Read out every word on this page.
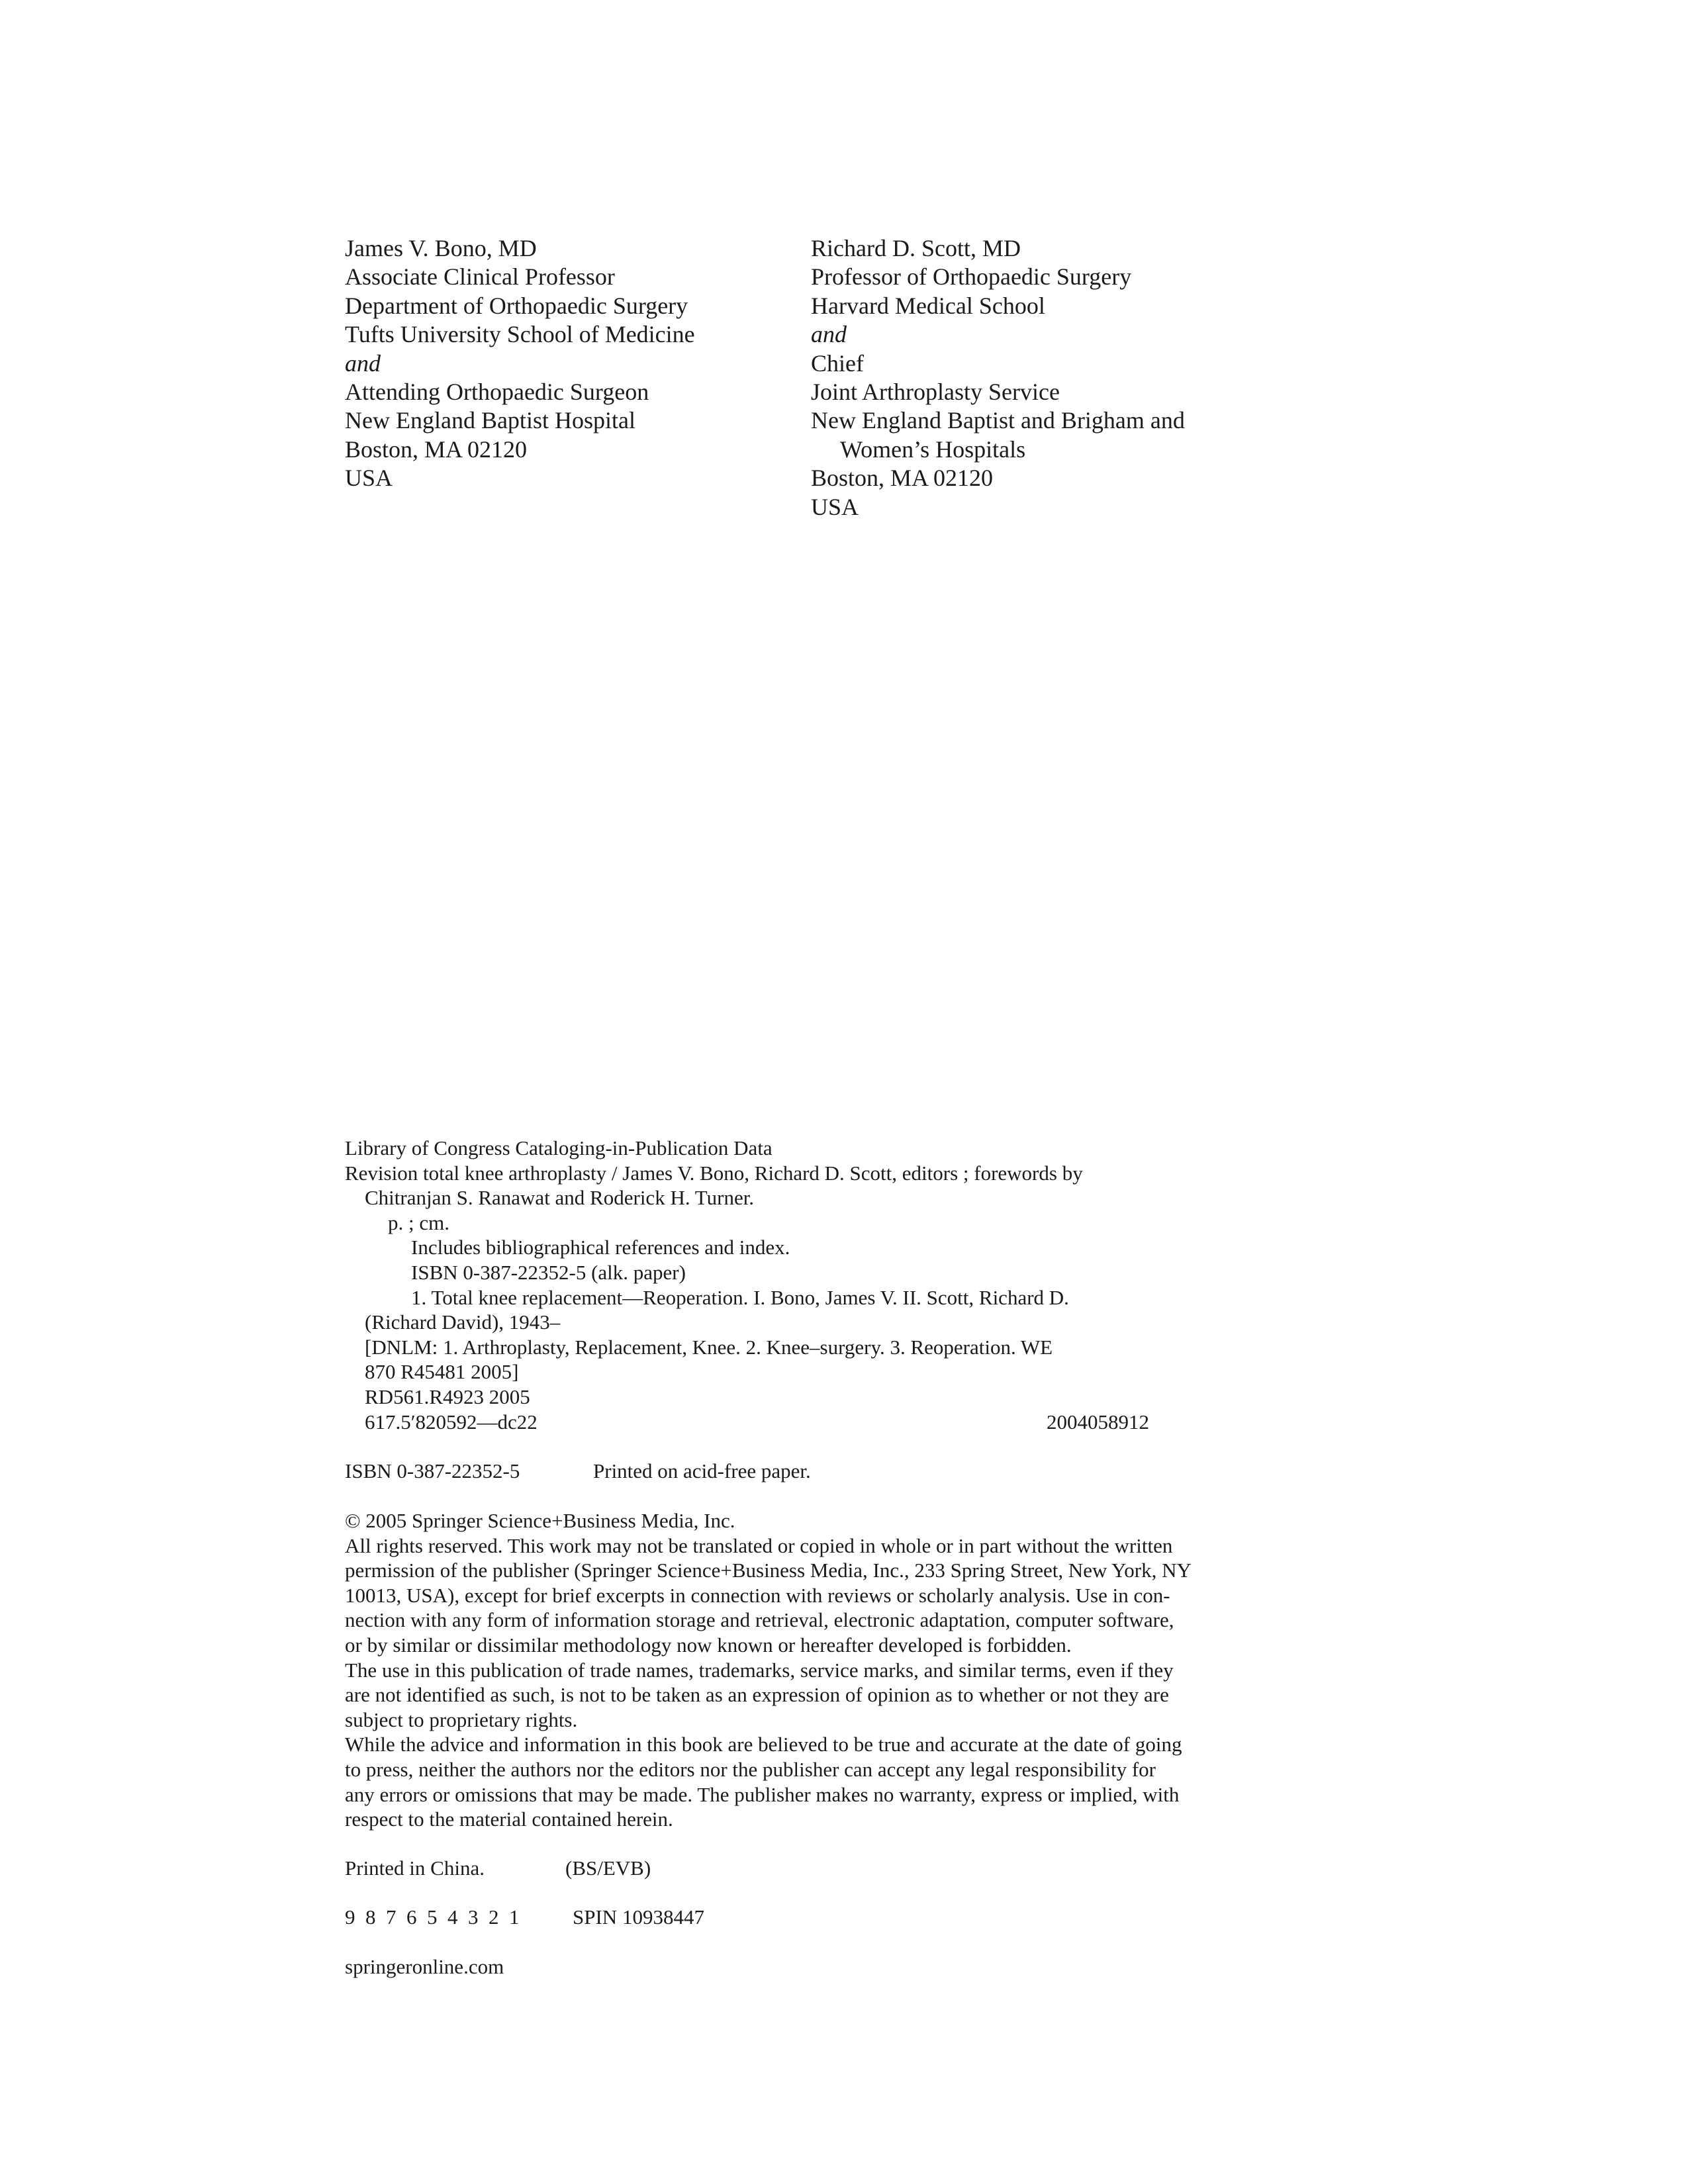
James V. Bono, MD
Associate Clinical Professor
Department of Orthopaedic Surgery
Tufts University School of Medicine
and
Attending Orthopaedic Surgeon
New England Baptist Hospital
Boston, MA 02120
USA
Richard D. Scott, MD
Professor of Orthopaedic Surgery
Harvard Medical School
and
Chief
Joint Arthroplasty Service
New England Baptist and Brigham and
Women’s Hospitals
Boston, MA 02120
USA
Library of Congress Cataloging-in-Publication Data
Revision total knee arthroplasty / James V. Bono, Richard D. Scott, editors ; forewords by
Chitranjan S. Ranawat and Roderick H. Turner.
p. ; cm.
Includes bibliographical references and index.
ISBN 0-387-22352-5 (alk. paper)
1. Total knee replacement—Reoperation. I. Bono, James V. II. Scott, Richard D.
(Richard David), 1943–
[DNLM: 1. Arthroplasty, Replacement, Knee. 2. Knee–surgery. 3. Reoperation. WE
870 R45481 2005]
RD561.R4923 2005
617.5′820592—dc22	2004058912
ISBN 0-387-22352-5	Printed on acid-free paper.
© 2005 Springer Science+Business Media, Inc.
All rights reserved. This work may not be translated or copied in whole or in part without the written
permission of the publisher (Springer Science+Business Media, Inc., 233 Spring Street, New York, NY
10013, USA), except for brief excerpts in connection with reviews or scholarly analysis. Use in con-
nection with any form of information storage and retrieval, electronic adaptation, computer software,
or by similar or dissimilar methodology now known or hereafter developed is forbidden.
The use in this publication of trade names, trademarks, service marks, and similar terms, even if they
are not identified as such, is not to be taken as an expression of opinion as to whether or not they are
subject to proprietary rights.
While the advice and information in this book are believed to be true and accurate at the date of going
to press, neither the authors nor the editors nor the publisher can accept any legal responsibility for
any errors or omissions that may be made. The publisher makes no warranty, express or implied, with
respect to the material contained herein.
Printed in China.	(BS/EVB)
9  8  7  6  5  4  3  2  1	SPIN 10938447
springeronline.com
